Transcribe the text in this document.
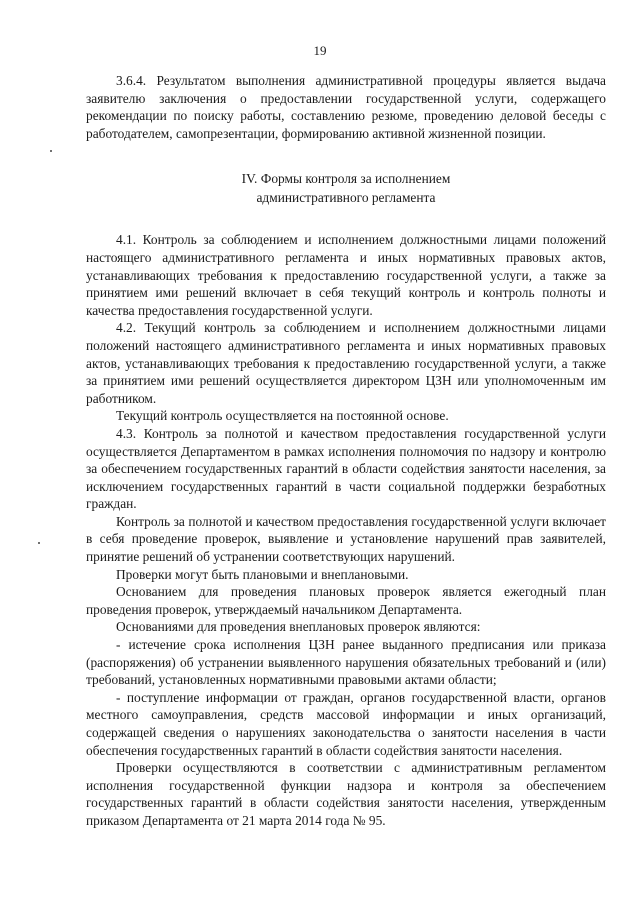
19

3.6.4. Результатом выполнения административной процедуры является выдача заявителю заключения о предоставлении государственной услуги, содержащего рекомендации по поиску работы, составлению резюме, проведению деловой беседы с работодателем, самопрезентации, формированию активной жизненной позиции.

IV. Формы контроля за исполнением
административного регламента

4.1. Контроль за соблюдением и исполнением должностными лицами положений настоящего административного регламента и иных нормативных правовых актов, устанавливающих требования к предоставлению государственной услуги, а также за принятием ими решений включает в себя текущий контроль и контроль полноты и качества предоставления государственной услуги.

4.2. Текущий контроль за соблюдением и исполнением должностными лицами положений настоящего административного регламента и иных нормативных правовых актов, устанавливающих требования к предоставлению государственной услуги, а также за принятием ими решений осуществляется директором ЦЗН или уполномоченным им работником.

Текущий контроль осуществляется на постоянной основе.

4.3. Контроль за полнотой и качеством предоставления государственной услуги осуществляется Департаментом в рамках исполнения полномочия по надзору и контролю за обеспечением государственных гарантий в области содействия занятости населения, за исключением государственных гарантий в части социальной поддержки безработных граждан.

Контроль за полнотой и качеством предоставления государственной услуги включает в себя проведение проверок, выявление и установление нарушений прав заявителей, принятие решений об устранении соответствующих нарушений.

Проверки могут быть плановыми и внеплановыми.

Основанием для проведения плановых проверок является ежегодный план проведения проверок, утверждаемый начальником Департамента.

Основаниями для проведения внеплановых проверок являются:

- истечение срока исполнения ЦЗН ранее выданного предписания или приказа (распоряжения) об устранении выявленного нарушения обязательных требований и (или) требований, установленных нормативными правовыми актами области;

- поступление информации от граждан, органов государственной власти, органов местного самоуправления, средств массовой информации и иных организаций, содержащей сведения о нарушениях законодательства о занятости населения в части обеспечения государственных гарантий в области содействия занятости населения.

Проверки осуществляются в соответствии с административным регламентом исполнения государственной функции надзора и контроля за обеспечением государственных гарантий в области содействия занятости населения, утвержденным приказом Департамента от 21 марта 2014 года № 95.
